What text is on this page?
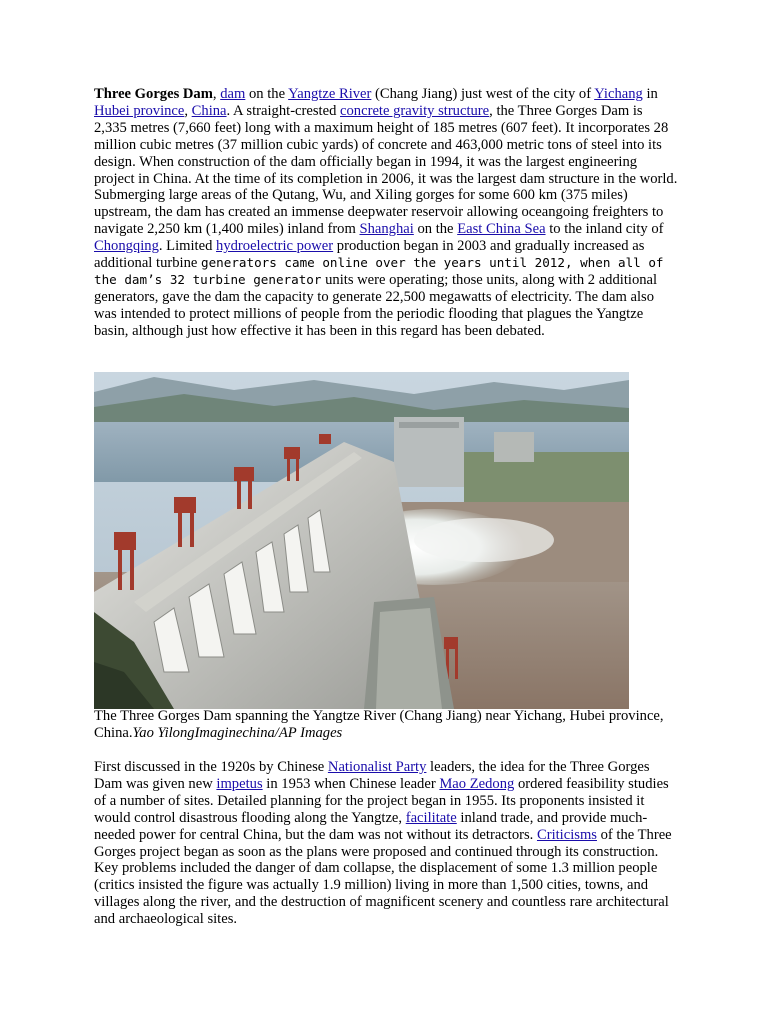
Three Gorges Dam, dam on the Yangtze River (Chang Jiang) just west of the city of Yichang in Hubei province, China. A straight-crested concrete gravity structure, the Three Gorges Dam is 2,335 metres (7,660 feet) long with a maximum height of 185 metres (607 feet). It incorporates 28 million cubic metres (37 million cubic yards) of concrete and 463,000 metric tons of steel into its design. When construction of the dam officially began in 1994, it was the largest engineering project in China. At the time of its completion in 2006, it was the largest dam structure in the world. Submerging large areas of the Qutang, Wu, and Xiling gorges for some 600 km (375 miles) upstream, the dam has created an immense deepwater reservoir allowing oceangoing freighters to navigate 2,250 km (1,400 miles) inland from Shanghai on the East China Sea to the inland city of Chongqing. Limited hydroelectric power production began in 2003 and gradually increased as additional turbine generators came online over the years until 2012, when all of the dam’s 32 turbine generator units were operating; those units, along with 2 additional generators, gave the dam the capacity to generate 22,500 megawatts of electricity. The dam also was intended to protect millions of people from the periodic flooding that plagues the Yangtze basin, although just how effective it has been in this regard has been debated.

The Three Gorges Dam spanning the Yangtze River (Chang Jiang) near Yichang, Hubei province, China.Yao YilongImaginechina/AP Images

First discussed in the 1920s by Chinese Nationalist Party leaders, the idea for the Three Gorges Dam was given new impetus in 1953 when Chinese leader Mao Zedong ordered feasibility studies of a number of sites. Detailed planning for the project began in 1955. Its proponents insisted it would control disastrous flooding along the Yangtze, facilitate inland trade, and provide much-needed power for central China, but the dam was not without its detractors. Criticisms of the Three Gorges project began as soon as the plans were proposed and continued through its construction. Key problems included the danger of dam collapse, the displacement of some 1.3 million people (critics insisted the figure was actually 1.9 million) living in more than 1,500 cities, towns, and villages along the river, and the destruction of magnificent scenery and countless rare architectural and archaeological sites.
